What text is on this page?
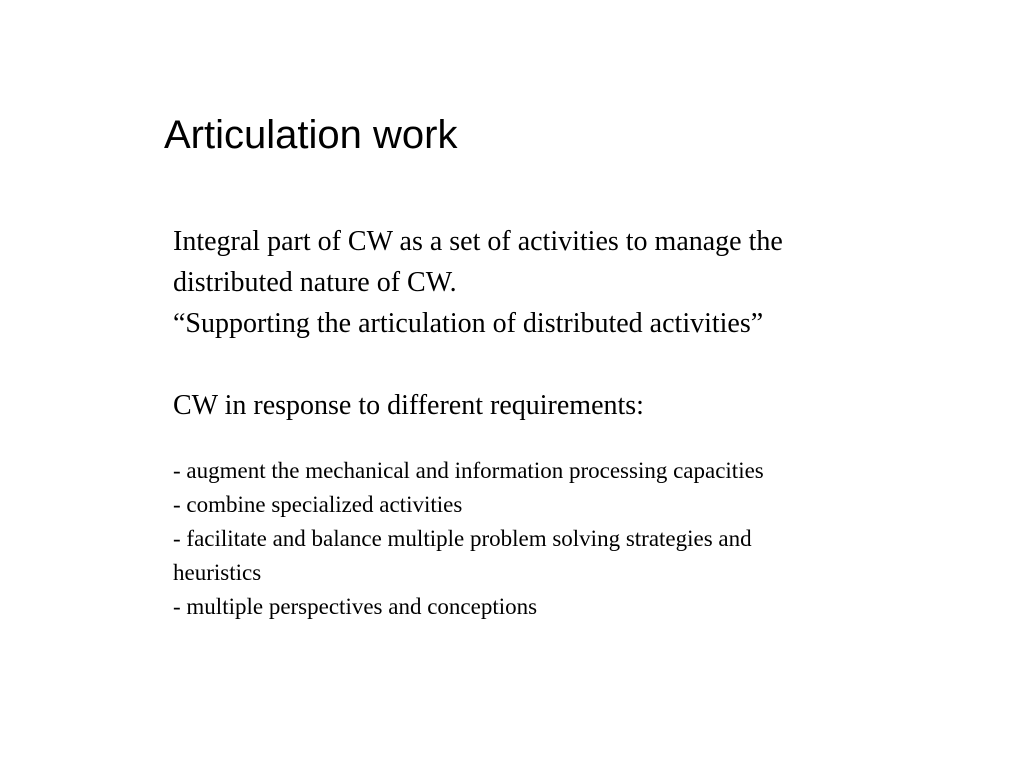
Articulation work
Integral part of CW as a set of activities to manage the
distributed nature of CW.
“Supporting the articulation of distributed activities”
CW in response to different requirements:
- augment the mechanical and information processing capacities
- combine specialized activities
- facilitate and balance multiple problem solving strategies and
heuristics
- multiple perspectives and conceptions
